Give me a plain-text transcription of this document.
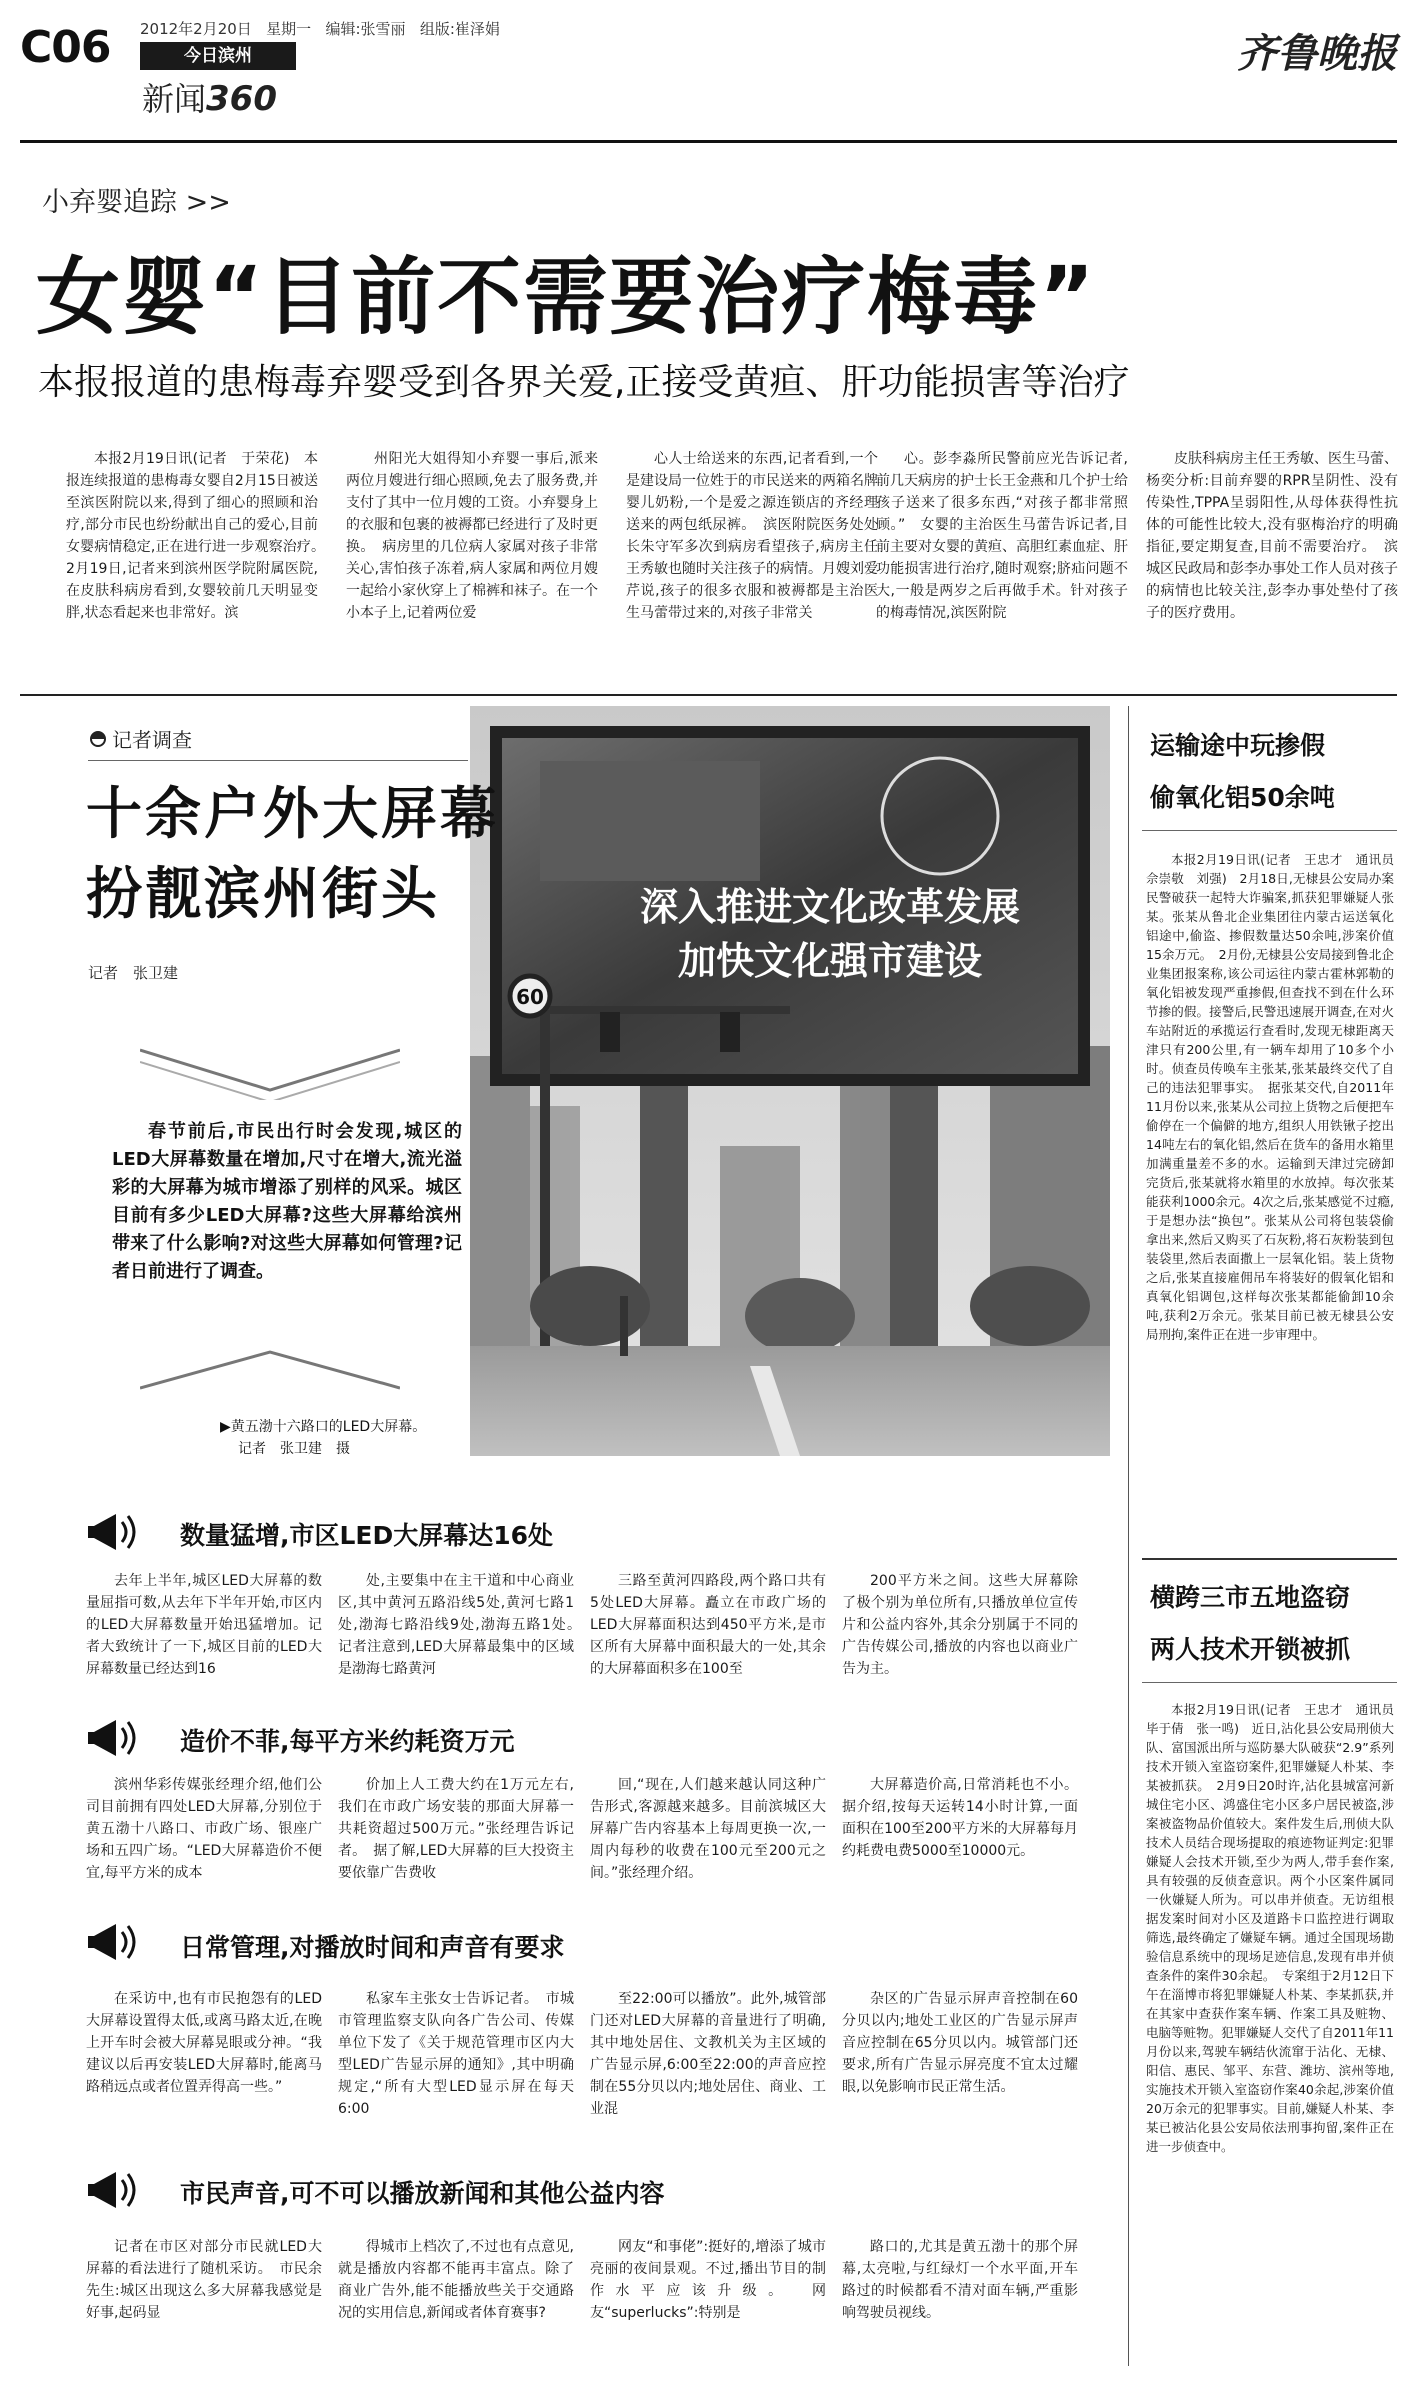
C06 2012年2月20日 星期一 编辑:张雪丽 组版:崔泽娟
今日滨州
新闻360
齐鲁晚报
小弃婴追踪 >>
女婴“目前不需要治疗梅毒”
本报报道的患梅毒弃婴受到各界关爱,正接受黄疸、肝功能损害等治疗

本报2月19日讯(记者　于荣花)　本报连续报道的患梅毒女婴自2月15日被送至滨医附院以来,得到了细心的照顾和治疗,部分市民也纷纷献出自己的爱心,目前女婴病情稳定,正在进行进一步观察治疗。　2月19日,记者来到滨州医学院附属医院,在皮肤科病房看到,女婴较前几天明显变胖,状态看起来也非常好。滨

州阳光大姐得知小弃婴一事后,派来两位月嫂进行细心照顾,免去了服务费,并支付了其中一位月嫂的工资。小弃婴身上的衣服和包裹的被褥都已经进行了及时更换。　病房里的几位病人家属对孩子非常关心,害怕孩子冻着,病人家属和两位月嫂一起给小家伙穿上了棉裤和袜子。在一个小本子上,记着两位爱

心人士给送来的东西,记者看到,一个是建设局一位姓于的市民送来的两箱名牌婴儿奶粉,一个是爱之源连锁店的齐经理送来的两包纸尿裤。　滨医附院医务处处长朱守军多次到病房看望孩子,病房主任王秀敏也随时关注孩子的病情。月嫂刘爱芹说,孩子的很多衣服和被褥都是主治医生马蕾带过来的,对孩子非常关

心。彭李淼所民警前应光告诉记者,前几天病房的护士长王金燕和几个护士给孩子送来了很多东西,“对孩子都非常照顾。”　女婴的主治医生马蕾告诉记者,目前主要对女婴的黄疸、高胆红素血症、肝功能损害进行治疗,随时观察;脐疝问题不大,一般是两岁之后再做手术。针对孩子的梅毒情况,滨医附院

皮肤科病房主任王秀敏、医生马蕾、杨奕分析:目前弃婴的RPR呈阴性、没有传染性,TPPA呈弱阳性,从母体获得性抗体的可能性比较大,没有驱梅治疗的明确指征,要定期复查,目前不需要治疗。　滨城区民政局和彭李办事处工作人员对孩子的病情也比较关注,彭李办事处垫付了孩子的医疗费用。

记者调查
深入推进文化改革发展
加快文化强市建设
60
十余户外大屏幕
扮靓滨州街头
记者　张卫建
春节前后,市民出行时会发现,城区的LED大屏幕数量在增加,尺寸在增大,流光溢彩的大屏幕为城市增添了别样的风采。城区目前有多少LED大屏幕?这些大屏幕给滨州带来了什么影响?对这些大屏幕如何管理?记者日前进行了调查。
▶黄五渤十六路口的LED大屏幕。
记者　张卫建　摄
数量猛增,市区LED大屏幕达16处

去年上半年,城区LED大屏幕的数量屈指可数,从去年下半年开始,市区内的LED大屏幕数量开始迅猛增加。记者大致统计了一下,城区目前的LED大屏幕数量已经达到16

处,主要集中在主干道和中心商业区,其中黄河五路沿线5处,黄河七路1处,渤海七路沿线9处,渤海五路1处。　记者注意到,LED大屏幕最集中的区域是渤海七路黄河

三路至黄河四路段,两个路口共有5处LED大屏幕。矗立在市政广场的LED大屏幕面积达到450平方米,是市区所有大屏幕中面积最大的一处,其余的大屏幕面积多在100至

200平方米之间。这些大屏幕除了极个别为单位所有,只播放单位宣传片和公益内容外,其余分别属于不同的广告传媒公司,播放的内容也以商业广告为主。

造价不菲,每平方米约耗资万元

滨州华彩传媒张经理介绍,他们公司目前拥有四处LED大屏幕,分别位于黄五渤十八路口、市政广场、银座广场和五四广场。“LED大屏幕造价不便宜,每平方米的成本

价加上人工费大约在1万元左右,我们在市政广场安装的那面大屏幕一共耗资超过500万元。”张经理告诉记者。　据了解,LED大屏幕的巨大投资主要依靠广告费收

回,“现在,人们越来越认同这种广告形式,客源越来越多。目前滨城区大屏幕广告内容基本上每周更换一次,一周内每秒的收费在100元至200元之间。”张经理介绍。

大屏幕造价高,日常消耗也不小。据介绍,按每天运转14小时计算,一面面积在100至200平方米的大屏幕每月约耗费电费5000至10000元。

日常管理,对播放时间和声音有要求

在采访中,也有市民抱怨有的LED大屏幕设置得太低,或离马路太近,在晚上开车时会被大屏幕晃眼或分神。“我建议以后再安装LED大屏幕时,能离马路稍远点或者位置弄得高一些。”

私家车主张女士告诉记者。　市城市管理监察支队向各广告公司、传媒单位下发了《关于规范管理市区内大型LED广告显示屏的通知》,其中明确规定,“所有大型LED显示屏在每天6:00

至22:00可以播放”。此外,城管部门还对LED大屏幕的音量进行了明确,其中地处居住、文教机关为主区域的广告显示屏,6:00至22:00的声音应控制在55分贝以内;地处居住、商业、工业混

杂区的广告显示屏声音控制在60分贝以内;地处工业区的广告显示屏声音应控制在65分贝以内。城管部门还要求,所有广告显示屏亮度不宜太过耀眼,以免影响市民正常生活。

市民声音,可不可以播放新闻和其他公益内容

记者在市区对部分市民就LED大屏幕的看法进行了随机采访。　市民余先生:城区出现这么多大屏幕我感觉是好事,起码显

得城市上档次了,不过也有点意见,就是播放内容都不能再丰富点。除了商业广告外,能不能播放些关于交通路况的实用信息,新闻或者体育赛事?

网友“和事佬”:挺好的,增添了城市亮丽的夜间景观。不过,播出节目的制作水平应该升级。　网友“superlucks”:特别是

路口的,尤其是黄五渤十的那个屏幕,太亮啦,与红绿灯一个水平面,开车路过的时候都看不清对面车辆,严重影响驾驶员视线。

运输途中玩掺假
偷氧化铝50余吨
本报2月19日讯(记者　王忠才　通讯员　佘崇敬　刘强)　2月18日,无棣县公安局办案民警破获一起特大诈骗案,抓获犯罪嫌疑人张某。张某从鲁北企业集团往内蒙古运送氧化铝途中,偷盗、掺假数量达50余吨,涉案价值15余万元。　2月份,无棣县公安局接到鲁北企业集团报案称,该公司运往内蒙古霍林郭勒的氧化铝被发现严重掺假,但查找不到在什么环节掺的假。接警后,民警迅速展开调查,在对火车站附近的承揽运行查看时,发现无棣距离天津只有200公里,有一辆车却用了10多个小时。侦查员传唤车主张某,张某最终交代了自己的违法犯罪事实。　据张某交代,自2011年11月份以来,张某从公司拉上货物之后便把车偷停在一个偏僻的地方,组织人用铁锹子挖出14吨左右的氧化铝,然后在货车的备用水箱里加满重量差不多的水。运输到天津过完磅卸完货后,张某就将水箱里的水放掉。每次张某能获利1000余元。4次之后,张某感觉不过瘾,于是想办法“换包”。张某从公司将包装袋偷拿出来,然后又购买了石灰粉,将石灰粉装到包装袋里,然后表面撒上一层氧化铝。装上货物之后,张某直接雇佣吊车将装好的假氧化铝和真氧化铝调包,这样每次张某都能偷卸10余吨,获利2万余元。张某目前已被无棣县公安局刑拘,案件正在进一步审理中。
横跨三市五地盗窃
两人技术开锁被抓
本报2月19日讯(记者　王忠才　通讯员　毕于倩　张一鸣)　近日,沾化县公安局刑侦大队、富国派出所与巡防暴大队破获“2.9”系列技术开锁入室盗窃案件,犯罪嫌疑人朴某、李某被抓获。　2月9日20时许,沾化县城富河新城住宅小区、鸿盛住宅小区多户居民被盗,涉案被盗物品价值较大。案件发生后,刑侦大队技术人员结合现场提取的痕迹物证判定:犯罪嫌疑人会技术开锁,至少为两人,带手套作案,具有较强的反侦查意识。两个小区案件属同一伙嫌疑人所为。可以串并侦查。无访组根据发案时间对小区及道路卡口监控进行调取筛选,最终确定了嫌疑车辆。通过全国现场勘验信息系统中的现场足迹信息,发现有串并侦查条件的案件30余起。　专案组于2月12日下午在淄博市将犯罪嫌疑人朴某、李某抓获,并在其家中查获作案车辆、作案工具及赃物、电脑等赃物。犯罪嫌疑人交代了自2011年11月份以来,驾驶车辆结伙流窜于沾化、无棣、阳信、惠民、邹平、东营、潍坊、滨州等地,实施技术开锁入室盗窃作案40余起,涉案价值20万余元的犯罪事实。目前,嫌疑人朴某、李某已被沾化县公安局依法刑事拘留,案件正在进一步侦查中。
